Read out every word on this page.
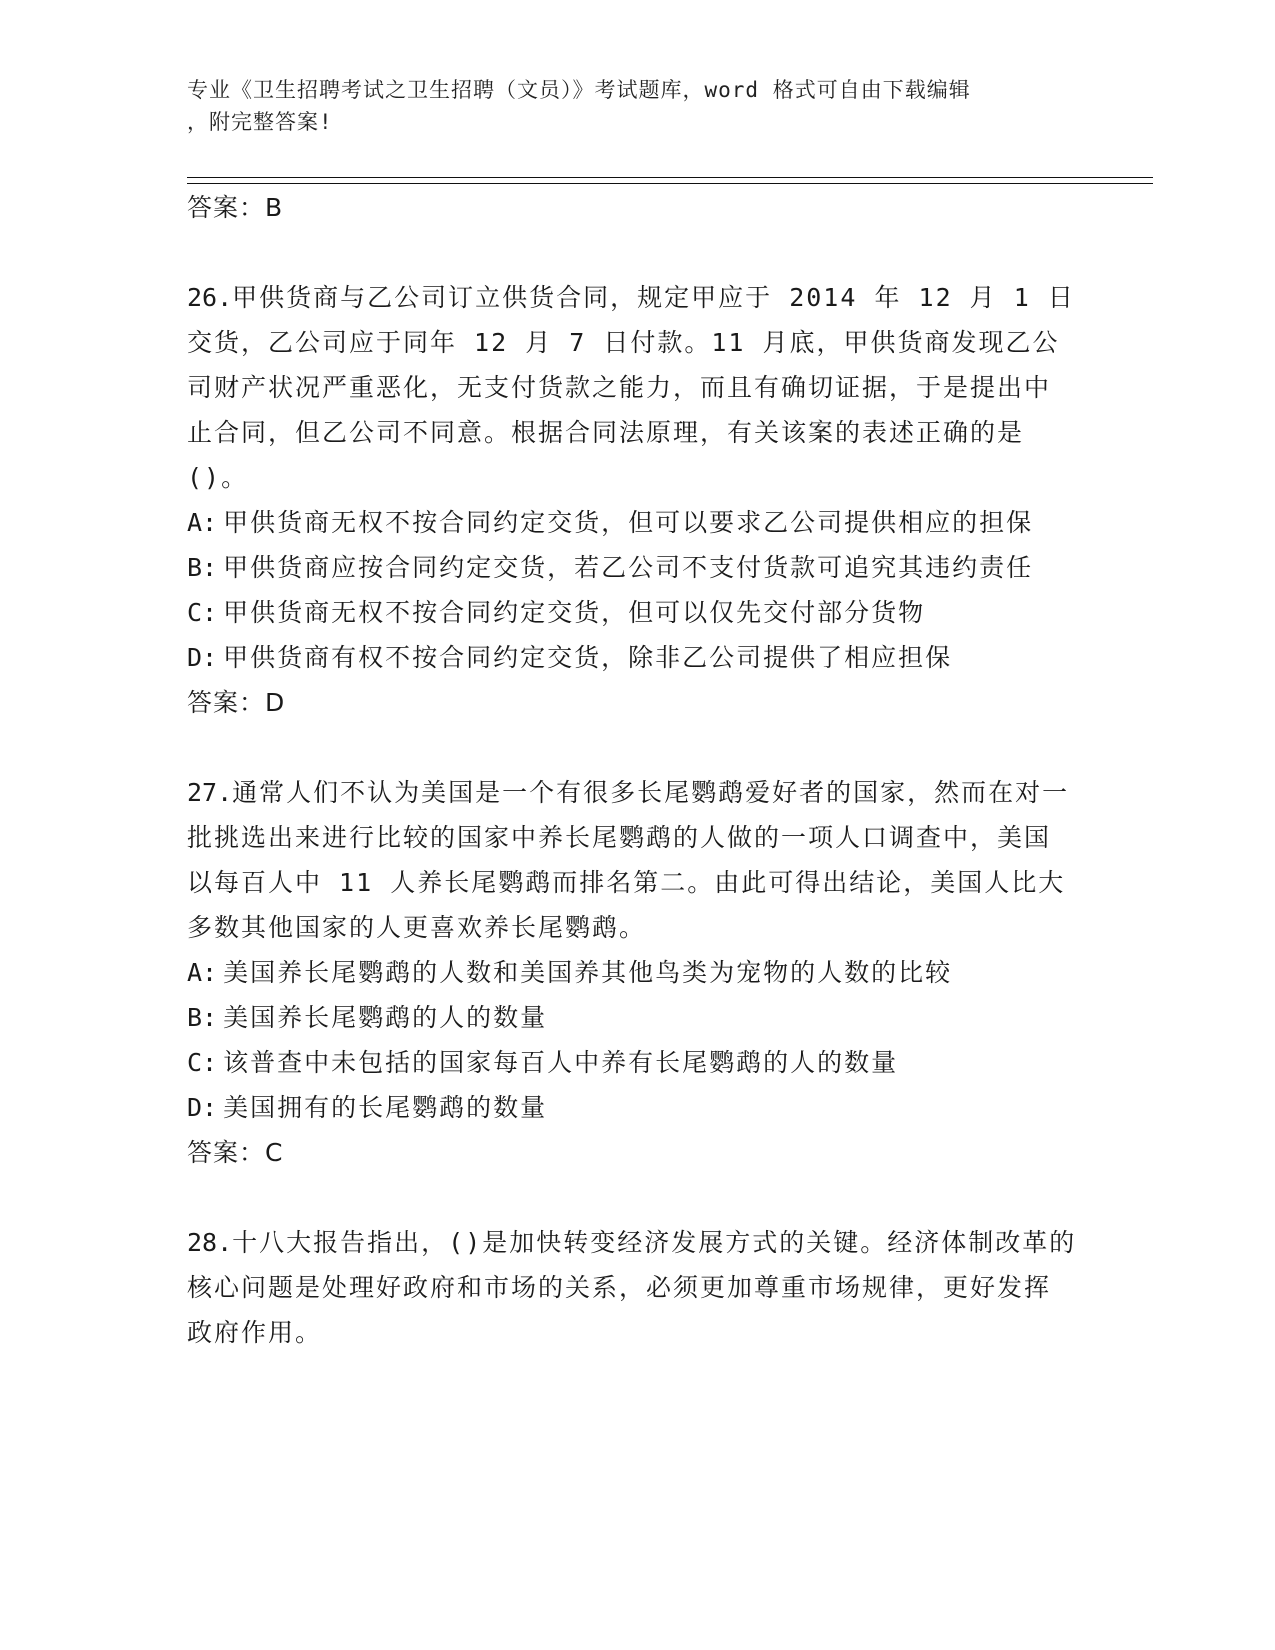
专业《卫生招聘考试之卫生招聘（文员）》考试题库，word 格式可自由下载编辑
，附完整答案!

答案：B

26.甲供货商与乙公司订立供货合同，规定甲应于 2014 年 12 月 1 日交货，乙公司应于同年 12 月 7 日付款。11 月底，甲供货商发现乙公司财产状况严重恶化，无支付货款之能力，而且有确切证据，于是提出中止合同，但乙公司不同意。根据合同法原理，有关该案的表述正确的是()。

A: 甲供货商无权不按合同约定交货，但可以要求乙公司提供相应的担保

B: 甲供货商应按合同约定交货，若乙公司不支付货款可追究其违约责任

C: 甲供货商无权不按合同约定交货，但可以仅先交付部分货物

D: 甲供货商有权不按合同约定交货，除非乙公司提供了相应担保

答案：D

27.通常人们不认为美国是一个有很多长尾鹦鹉爱好者的国家，然而在对一批挑选出来进行比较的国家中养长尾鹦鹉的人做的一项人口调查中，美国以每百人中 11 人养长尾鹦鹉而排名第二。由此可得出结论，美国人比大多数其他国家的人更喜欢养长尾鹦鹉。

A: 美国养长尾鹦鹉的人数和美国养其他鸟类为宠物的人数的比较

B: 美国养长尾鹦鹉的人的数量

C: 该普查中未包括的国家每百人中养有长尾鹦鹉的人的数量

D: 美国拥有的长尾鹦鹉的数量

答案：C

28.十八大报告指出，()是加快转变经济发展方式的关键。经济体制改革的核心问题是处理好政府和市场的关系，必须更加尊重市场规律，更好发挥政府作用。
